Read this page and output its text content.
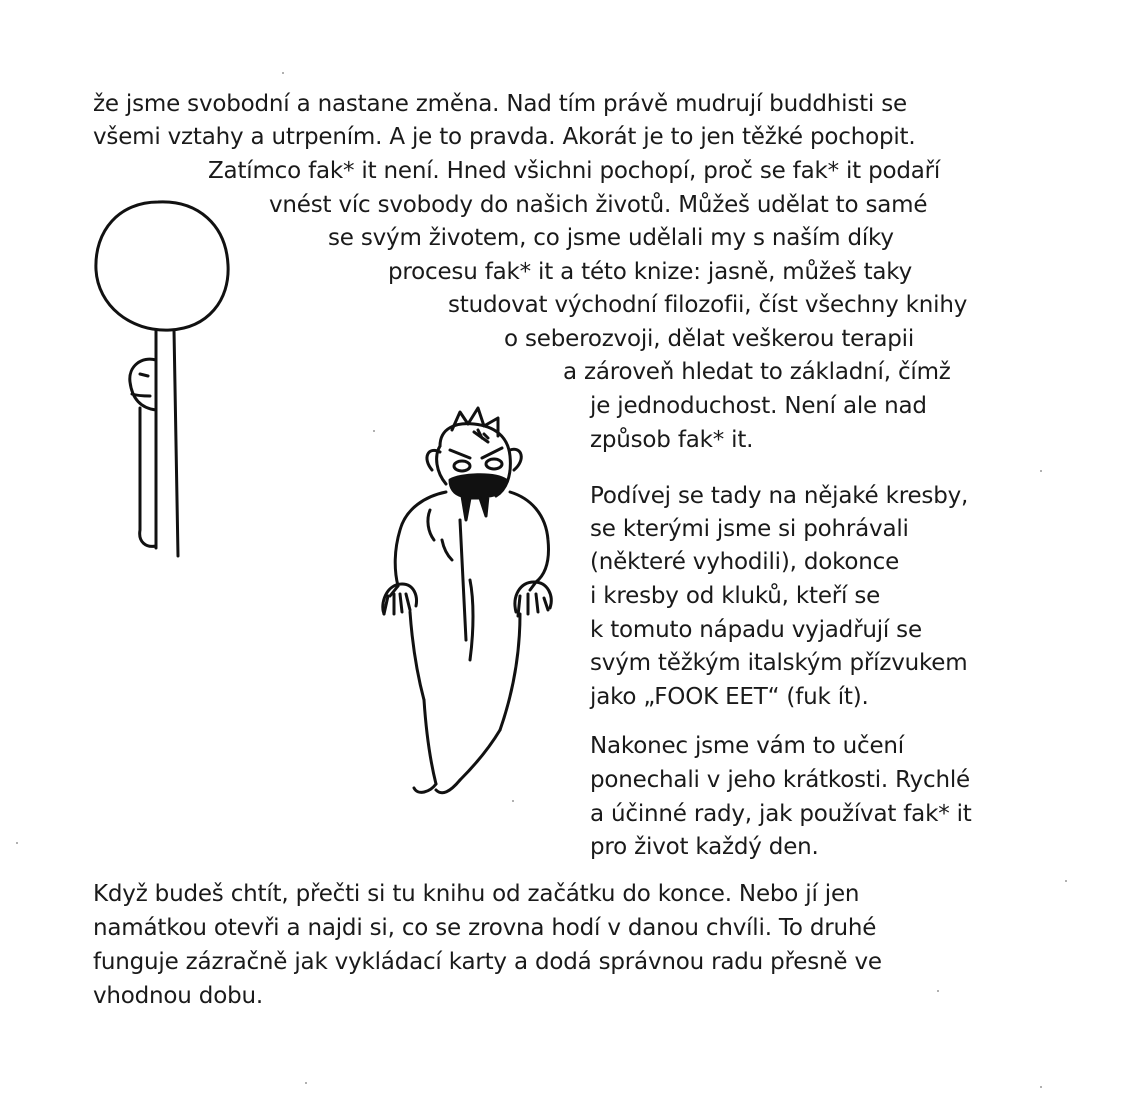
že jsme svobodní a nastane změna. Nad tím právě mudrují buddhisti se
všemi vztahy a utrpením. A je to pravda. Akorát je to jen těžké pochopit.
Zatímco fak* it není. Hned všichni pochopí, proč se fak* it podaří
vnést víc svobody do našich životů. Můžeš udělat to samé
se svým životem, co jsme udělali my s naším díky
procesu fak* it a této knize: jasně, můžeš taky
studovat východní filozofii, číst všechny knihy
o seberozvoji, dělat veškerou terapii
a zároveň hledat to základní, čímž
je jednoduchost. Není ale nad
způsob fak* it.
Podívej se tady na nějaké kresby,
se kterými jsme si pohrávali
(některé vyhodili), dokonce
i kresby od kluků, kteří se
k tomuto nápadu vyjadřují se
svým těžkým italským přízvukem
jako „FOOK EET“ (fuk ít).
Nakonec jsme vám to učení
ponechali v jeho krátkosti. Rychlé
a účinné rady, jak používat fak* it
pro život každý den.
Když budeš chtít, přečti si tu knihu od začátku do konce. Nebo jí jen
namátkou otevři a najdi si, co se zrovna hodí v danou chvíli. To druhé
funguje zázračně jak vykládací karty a dodá správnou radu přesně ve
vhodnou dobu.
